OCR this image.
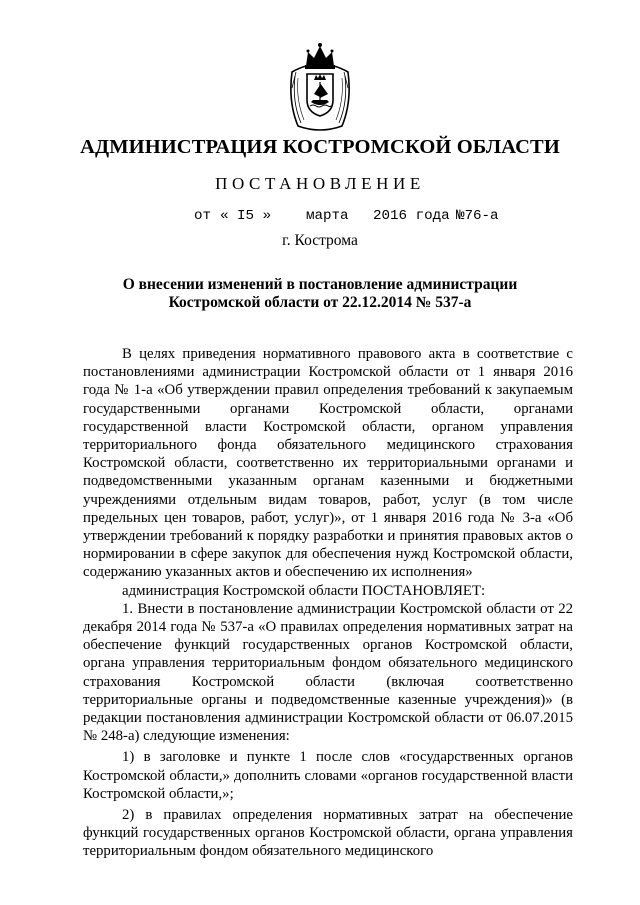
АДМИНИСТРАЦИЯ КОСТРОМСКОЙ ОБЛАСТИ
ПОСТАНОВЛЕНИЕ
от « I5 » марта 2016 года №76-а
г. Кострома
О внесении изменений в постановление администрации
Костромской области от 22.12.2014 № 537-а

В целях приведения нормативного правового акта в соответствие с постановлениями администрации Костромской области от 1 января 2016 года № 1-а «Об утверждении правил определения требований к закупаемым государственными органами Костромской области, органами государственной власти Костромской области, органом управления территориального фонда обязательного медицинского страхования Костромской области, соответственно их территориальными органами и подведомственными указанным органам казенными и бюджетными учреждениями отдельным видам товаров, работ, услуг (в том числе предельных цен товаров, работ, услуг)», от 1 января 2016 года № 3-а «Об утверждении требований к порядку разработки и принятия правовых актов о нормировании в сфере закупок для обеспечения нужд Костромской области, содержанию указанных актов и обеспечению их исполнения»

администрация Костромской области ПОСТАНОВЛЯЕТ:

1. Внести в постановление администрации Костромской области от 22 декабря 2014 года № 537-а «О правилах определения нормативных затрат на обеспечение функций государственных органов Костромской области, органа управления территориальным фондом обязательного медицинского страхования Костромской области (включая соответственно территориальные органы и подведомственные казенные учреждения)» (в редакции постановления администрации Костромской области от 06.07.2015 № 248-а) следующие изменения:

1) в заголовке и пункте 1 после слов «государственных органов Костромской области,» дополнить словами «органов государственной власти Костромской области,»;

2) в правилах определения нормативных затрат на обеспечение функций государственных органов Костромской области, органа управления территориальным фондом обязательного медицинского
